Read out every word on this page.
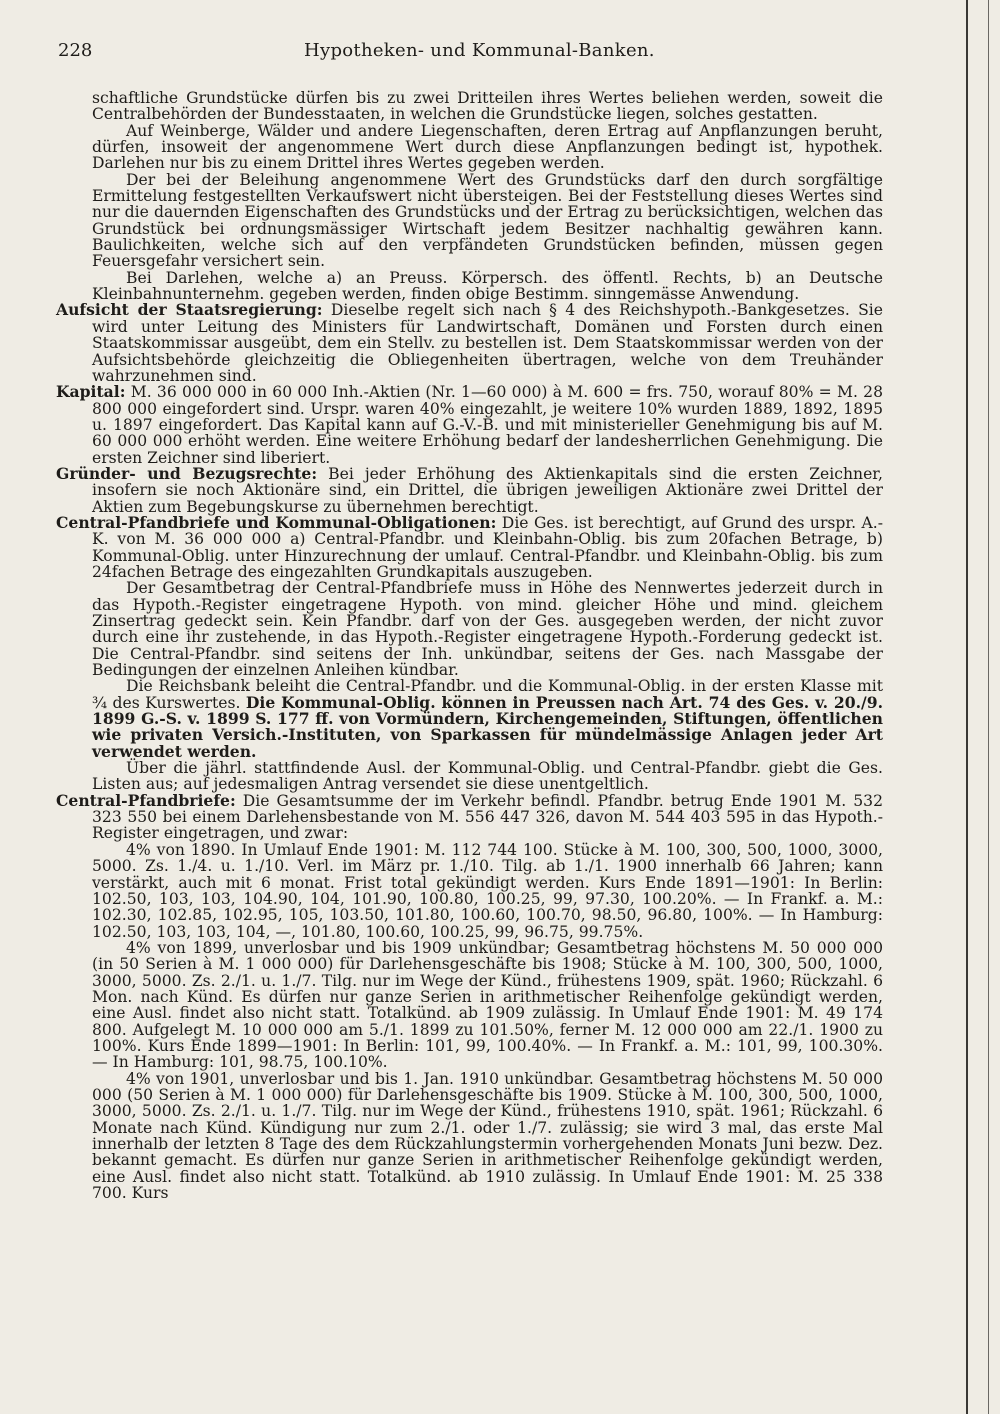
228	Hypotheken- und Kommunal-Banken.

schaftliche Grundstücke dürfen bis zu zwei Dritteilen ihres Wertes beliehen werden, soweit die Centralbehörden der Bundesstaaten, in welchen die Grundstücke liegen, solches gestatten.

Auf Weinberge, Wälder und andere Liegenschaften, deren Ertrag auf Anpflanzungen beruht, dürfen, insoweit der angenommene Wert durch diese Anpflanzungen bedingt ist, hypothek. Darlehen nur bis zu einem Drittel ihres Wertes gegeben werden.

Der bei der Beleihung angenommene Wert des Grundstücks darf den durch sorgfältige Ermittelung festgestellten Verkaufswert nicht übersteigen. Bei der Feststellung dieses Wertes sind nur die dauernden Eigenschaften des Grundstücks und der Ertrag zu berücksichtigen, welchen das Grundstück bei ordnungsmässiger Wirtschaft jedem Besitzer nachhaltig gewähren kann. Baulichkeiten, welche sich auf den verpfändeten Grundstücken befinden, müssen gegen Feuersgefahr versichert sein.

Bei Darlehen, welche a) an Preuss. Körpersch. des öffentl. Rechts, b) an Deutsche Kleinbahnunternehm. gegeben werden, finden obige Bestimm. sinngemässe Anwendung.

Aufsicht der Staatsregierung: Dieselbe regelt sich nach § 4 des Reichshypoth.-Bankgesetzes. Sie wird unter Leitung des Ministers für Landwirtschaft, Domänen und Forsten durch einen Staatskommissar ausgeübt, dem ein Stellv. zu bestellen ist. Dem Staatskommissar werden von der Aufsichtsbehörde gleichzeitig die Obliegenheiten übertragen, welche von dem Treuhänder wahrzunehmen sind.

Kapital: M. 36 000 000 in 60 000 Inh.-Aktien (Nr. 1—60 000) à M. 600 = frs. 750, worauf 80% = M. 28 800 000 eingefordert sind. Urspr. waren 40% eingezahlt, je weitere 10% wurden 1889, 1892, 1895 u. 1897 eingefordert. Das Kapital kann auf G.-V.-B. und mit ministerieller Genehmigung bis auf M. 60 000 000 erhöht werden. Eine weitere Erhöhung bedarf der landesherrlichen Genehmigung. Die ersten Zeichner sind liberiert.

Gründer- und Bezugsrechte: Bei jeder Erhöhung des Aktienkapitals sind die ersten Zeichner, insofern sie noch Aktionäre sind, ein Drittel, die übrigen jeweiligen Aktionäre zwei Drittel der Aktien zum Begebungskurse zu übernehmen berechtigt.

Central-Pfandbriefe und Kommunal-Obligationen: Die Ges. ist berechtigt, auf Grund des urspr. A.-K. von M. 36 000 000 a) Central-Pfandbr. und Kleinbahn-Oblig. bis zum 20fachen Betrage, b) Kommunal-Oblig. unter Hinzurechnung der umlauf. Central-Pfandbr. und Kleinbahn-Oblig. bis zum 24fachen Betrage des eingezahlten Grundkapitals auszugeben.

Der Gesamtbetrag der Central-Pfandbriefe muss in Höhe des Nennwertes jederzeit durch in das Hypoth.-Register eingetragene Hypoth. von mind. gleicher Höhe und mind. gleichem Zinsertrag gedeckt sein. Kein Pfandbr. darf von der Ges. ausgegeben werden, der nicht zuvor durch eine ihr zustehende, in das Hypoth.-Register eingetragene Hypoth.-Forderung gedeckt ist. Die Central-Pfandbr. sind seitens der Inh. unkündbar, seitens der Ges. nach Massgabe der Bedingungen der einzelnen Anleihen kündbar.

Die Reichsbank beleiht die Central-Pfandbr. und die Kommunal-Oblig. in der ersten Klasse mit ¾ des Kurswertes. Die Kommunal-Oblig. können in Preussen nach Art. 74 des Ges. v. 20./9. 1899 G.-S. v. 1899 S. 177 ff. von Vormündern, Kirchengemeinden, Stiftungen, öffentlichen wie privaten Versich.-Instituten, von Sparkassen für mündelmässige Anlagen jeder Art verwendet werden.

Über die jährl. stattfindende Ausl. der Kommunal-Oblig. und Central-Pfandbr. giebt die Ges. Listen aus; auf jedesmaligen Antrag versendet sie diese unentgeltlich.

Central-Pfandbriefe: Die Gesamtsumme der im Verkehr befindl. Pfandbr. betrug Ende 1901 M. 532 323 550 bei einem Darlehensbestande von M. 556 447 326, davon M. 544 403 595 in das Hypoth.-Register eingetragen, und zwar:

4% von 1890. In Umlauf Ende 1901: M. 112 744 100. Stücke à M. 100, 300, 500, 1000, 3000, 5000. Zs. 1./4. u. 1./10. Verl. im März pr. 1./10. Tilg. ab 1./1. 1900 innerhalb 66 Jahren; kann verstärkt, auch mit 6 monat. Frist total gekündigt werden. Kurs Ende 1891—1901: In Berlin: 102.50, 103, 103, 104.90, 104, 101.90, 100.80, 100.25, 99, 97.30, 100.20%. — In Frankf. a. M.: 102.30, 102.85, 102.95, 105, 103.50, 101.80, 100.60, 100.70, 98.50, 96.80, 100%. — In Hamburg: 102.50, 103, 103, 104, —, 101.80, 100.60, 100.25, 99, 96.75, 99.75%.

4% von 1899, unverlosbar und bis 1909 unkündbar; Gesamtbetrag höchstens M. 50 000 000 (in 50 Serien à M. 1 000 000) für Darlehensgeschäfte bis 1908; Stücke à M. 100, 300, 500, 1000, 3000, 5000. Zs. 2./1. u. 1./7. Tilg. nur im Wege der Künd., frühestens 1909, spät. 1960; Rückzahl. 6 Mon. nach Künd. Es dürfen nur ganze Serien in arithmetischer Reihenfolge gekündigt werden, eine Ausl. findet also nicht statt. Totalkünd. ab 1909 zulässig. In Umlauf Ende 1901: M. 49 174 800. Aufgelegt M. 10 000 000 am 5./1. 1899 zu 101.50%, ferner M. 12 000 000 am 22./1. 1900 zu 100%. Kurs Ende 1899—1901: In Berlin: 101, 99, 100.40%. — In Frankf. a. M.: 101, 99, 100.30%. — In Hamburg: 101, 98.75, 100.10%.

4% von 1901, unverlosbar und bis 1. Jan. 1910 unkündbar. Gesamtbetrag höchstens M. 50 000 000 (50 Serien à M. 1 000 000) für Darlehensgeschäfte bis 1909. Stücke à M. 100, 300, 500, 1000, 3000, 5000. Zs. 2./1. u. 1./7. Tilg. nur im Wege der Künd., frühestens 1910, spät. 1961; Rückzahl. 6 Monate nach Künd. Kündigung nur zum 2./1. oder 1./7. zulässig; sie wird 3 mal, das erste Mal innerhalb der letzten 8 Tage des dem Rückzahlungstermin vorhergehenden Monats Juni bezw. Dez. bekannt gemacht. Es dürfen nur ganze Serien in arithmetischer Reihenfolge gekündigt werden, eine Ausl. findet also nicht statt. Totalkünd. ab 1910 zulässig. In Umlauf Ende 1901: M. 25 338 700. Kurs
